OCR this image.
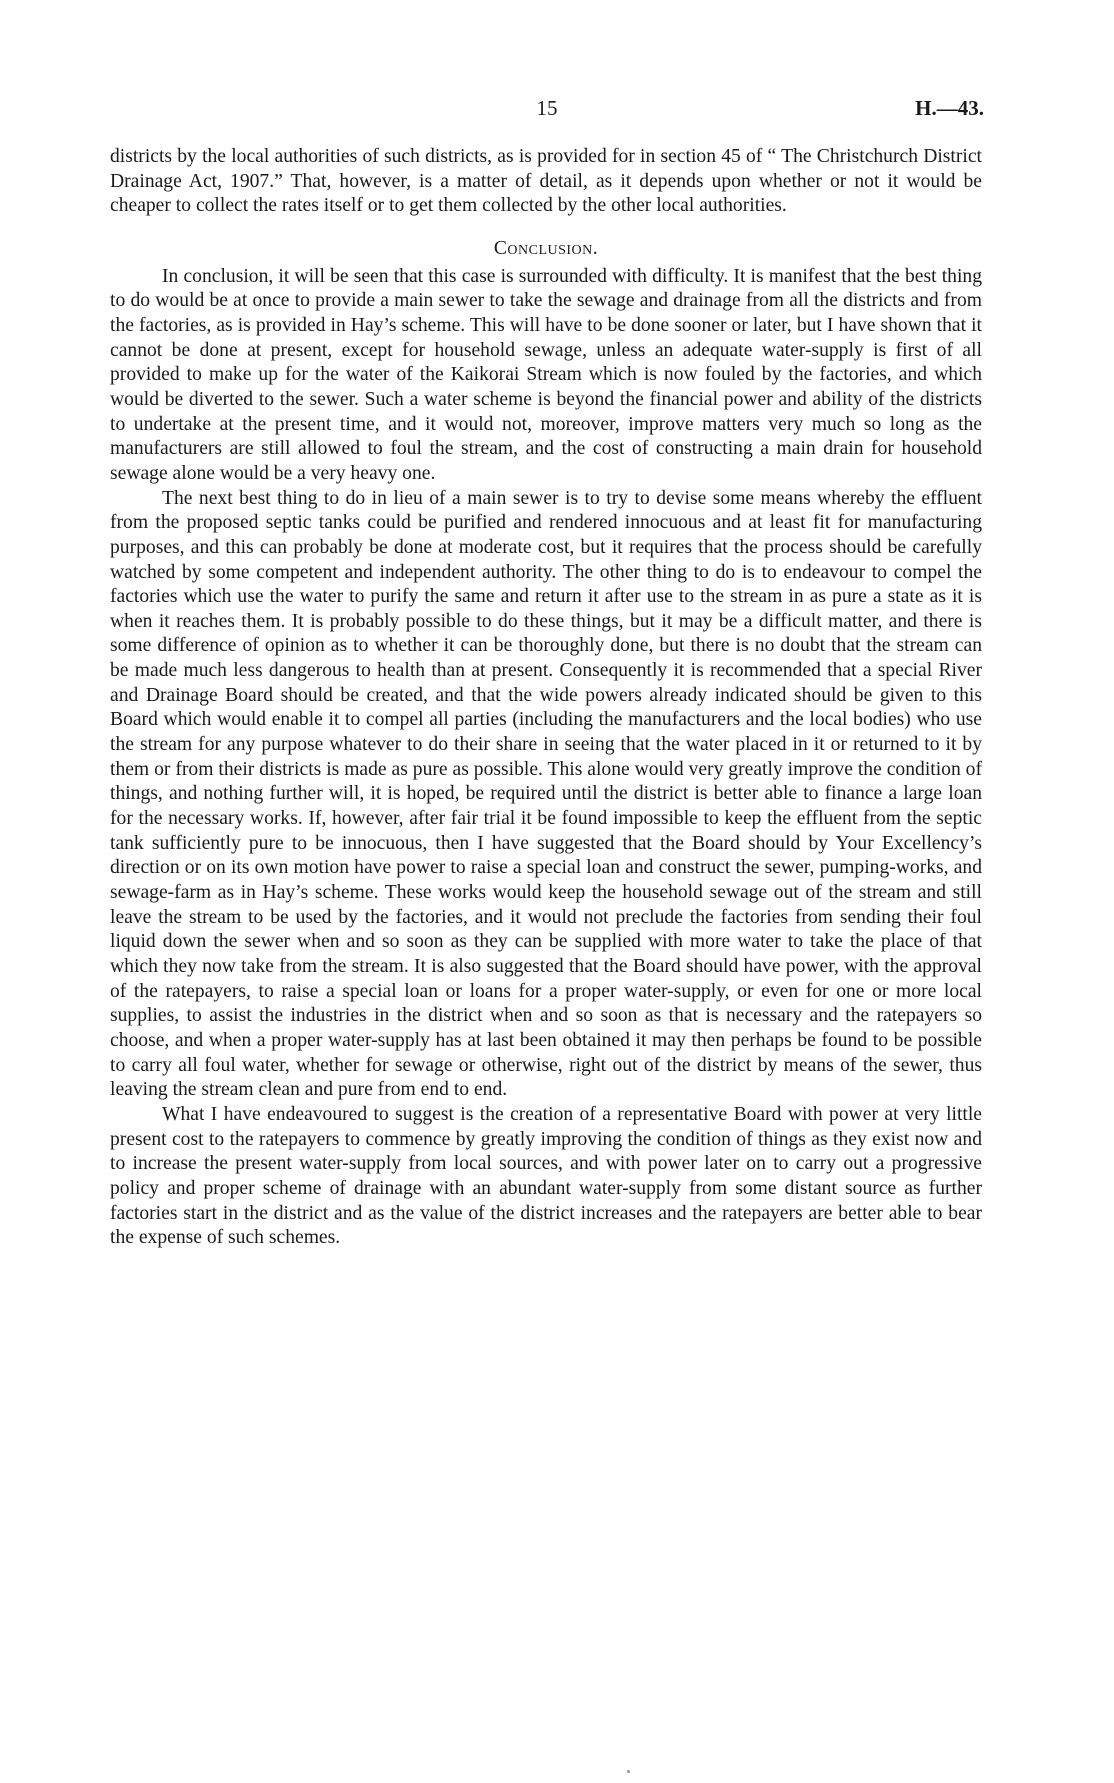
15	H.—43.

districts by the local authorities of such districts, as is provided for in section 45 of “ The Christchurch District Drainage Act, 1907.” That, however, is a matter of detail, as it depends upon whether or not it would be cheaper to collect the rates itself or to get them collected by the other local authorities.

Conclusion.

In conclusion, it will be seen that this case is surrounded with difficulty. It is manifest that the best thing to do would be at once to provide a main sewer to take the sewage and drainage from all the districts and from the factories, as is provided in Hay’s scheme. This will have to be done sooner or later, but I have shown that it cannot be done at present, except for household sewage, unless an adequate water-supply is first of all provided to make up for the water of the Kaikorai Stream which is now fouled by the factories, and which would be diverted to the sewer. Such a water scheme is beyond the financial power and ability of the districts to undertake at the present time, and it would not, moreover, improve matters very much so long as the manufacturers are still allowed to foul the stream, and the cost of constructing a main drain for household sewage alone would be a very heavy one.

The next best thing to do in lieu of a main sewer is to try to devise some means whereby the effluent from the proposed septic tanks could be purified and rendered innocuous and at least fit for manufacturing purposes, and this can probably be done at moderate cost, but it requires that the process should be carefully watched by some competent and independent authority. The other thing to do is to endeavour to compel the factories which use the water to purify the same and return it after use to the stream in as pure a state as it is when it reaches them. It is probably possible to do these things, but it may be a difficult matter, and there is some difference of opinion as to whether it can be thoroughly done, but there is no doubt that the stream can be made much less dangerous to health than at present. Consequently it is recommended that a special River and Drainage Board should be created, and that the wide powers already indicated should be given to this Board which would enable it to compel all parties (including the manufacturers and the local bodies) who use the stream for any purpose whatever to do their share in seeing that the water placed in it or returned to it by them or from their districts is made as pure as possible. This alone would very greatly improve the condition of things, and nothing further will, it is hoped, be required until the district is better able to finance a large loan for the necessary works. If, however, after fair trial it be found impossible to keep the effluent from the septic tank sufficiently pure to be innocuous, then I have suggested that the Board should by Your Excellency’s direction or on its own motion have power to raise a special loan and construct the sewer, pumping-works, and sewage-farm as in Hay’s scheme. These works would keep the household sewage out of the stream and still leave the stream to be used by the factories, and it would not preclude the factories from sending their foul liquid down the sewer when and so soon as they can be supplied with more water to take the place of that which they now take from the stream. It is also suggested that the Board should have power, with the approval of the ratepayers, to raise a special loan or loans for a proper water-supply, or even for one or more local supplies, to assist the industries in the district when and so soon as that is necessary and the ratepayers so choose, and when a proper water-supply has at last been obtained it may then perhaps be found to be possible to carry all foul water, whether for sewage or otherwise, right out of the district by means of the sewer, thus leaving the stream clean and pure from end to end.

What I have endeavoured to suggest is the creation of a representative Board with power at very little present cost to the ratepayers to commence by greatly improving the condition of things as they exist now and to increase the present water-supply from local sources, and with power later on to carry out a progressive policy and proper scheme of drainage with an abundant water-supply from some distant source as further factories start in the district and as the value of the district increases and the ratepayers are better able to bear the expense of such schemes.
